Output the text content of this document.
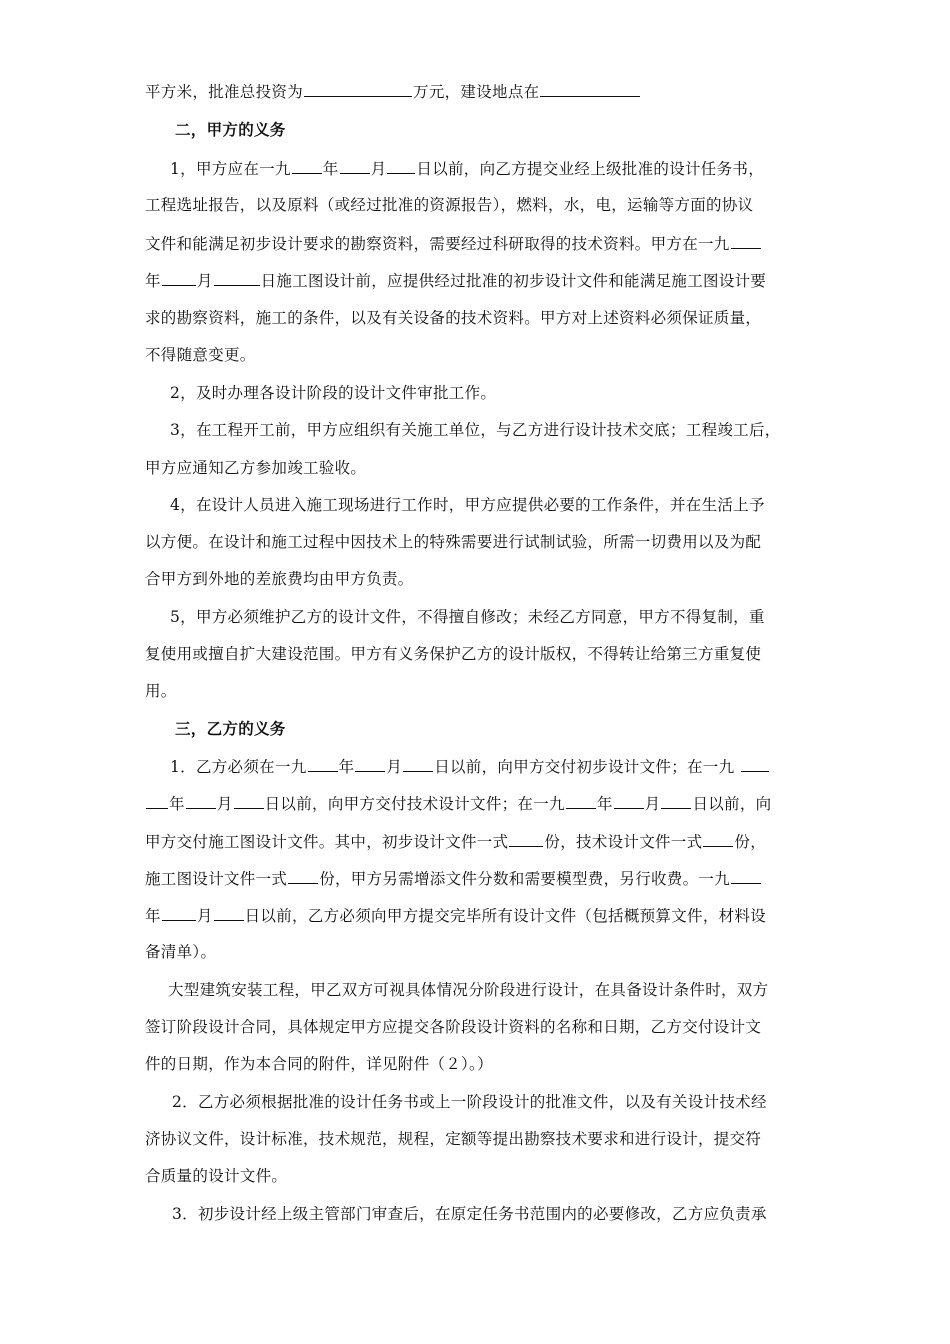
平方米，批准总投资为	万元，建设地点在
二，甲方的义务
1，甲方应在一九 年 月 日以前，向乙方提交业经上级批准的设计任务书，
工程选址报告，以及原料（或经过批准的资源报告），燃料，水，电，运输等方面的协议
文件和能满足初步设计要求的勘察资料，需要经过科研取得的技术资料。甲方在一九
年 月	日施工图设计前，应提供经过批准的初步设计文件和能满足施工图设计要
求的勘察资料，施工的条件，以及有关设备的技术资料。甲方对上述资料必须保证质量，
不得随意变更。
2，及时办理各设计阶段的设计文件审批工作。
3，在工程开工前，甲方应组织有关施工单位，与乙方进行设计技术交底；工程竣工后，
甲方应通知乙方参加竣工验收。
4，在设计人员进入施工现场进行工作时，甲方应提供必要的工作条件，并在生活上予
以方便。在设计和施工过程中因技术上的特殊需要进行试制试验，所需一切费用以及为配
合甲方到外地的差旅费均由甲方负责。
5，甲方必须维护乙方的设计文件，不得擅自修改；未经乙方同意，甲方不得复制，重
复使用或擅自扩大建设范围。甲方有义务保护乙方的设计版权，不得转让给第三方重复使
用。
三，乙方的义务
1．乙方必须在一九 年 月 日以前，向甲方交付初步设计文件；在一九
年 月 日以前，向甲方交付技术设计文件；在一九 年 月 日以前，向
甲方交付施工图设计文件。其中，初步设计文件一式 份，技术设计文件一式 份，
施工图设计文件一式 份，甲方另需增添文件分数和需要模型费，另行收费。一九
年 月 日以前，乙方必须向甲方提交完毕所有设计文件（包括概预算文件，材料设
备清单）。
大型建筑安装工程，甲乙双方可视具体情况分阶段进行设计，在具备设计条件时，双方
签订阶段设计合同，具体规定甲方应提交各阶段设计资料的名称和日期，乙方交付设计文
件的日期，作为本合同的附件，详见附件（２）。）
2．乙方必须根据批准的设计任务书或上一阶段设计的批准文件，以及有关设计技术经
济协议文件，设计标准，技术规范，规程，定额等提出勘察技术要求和进行设计，提交符
合质量的设计文件。
3．初步设计经上级主管部门审查后，在原定任务书范围内的必要修改，乙方应负责承
